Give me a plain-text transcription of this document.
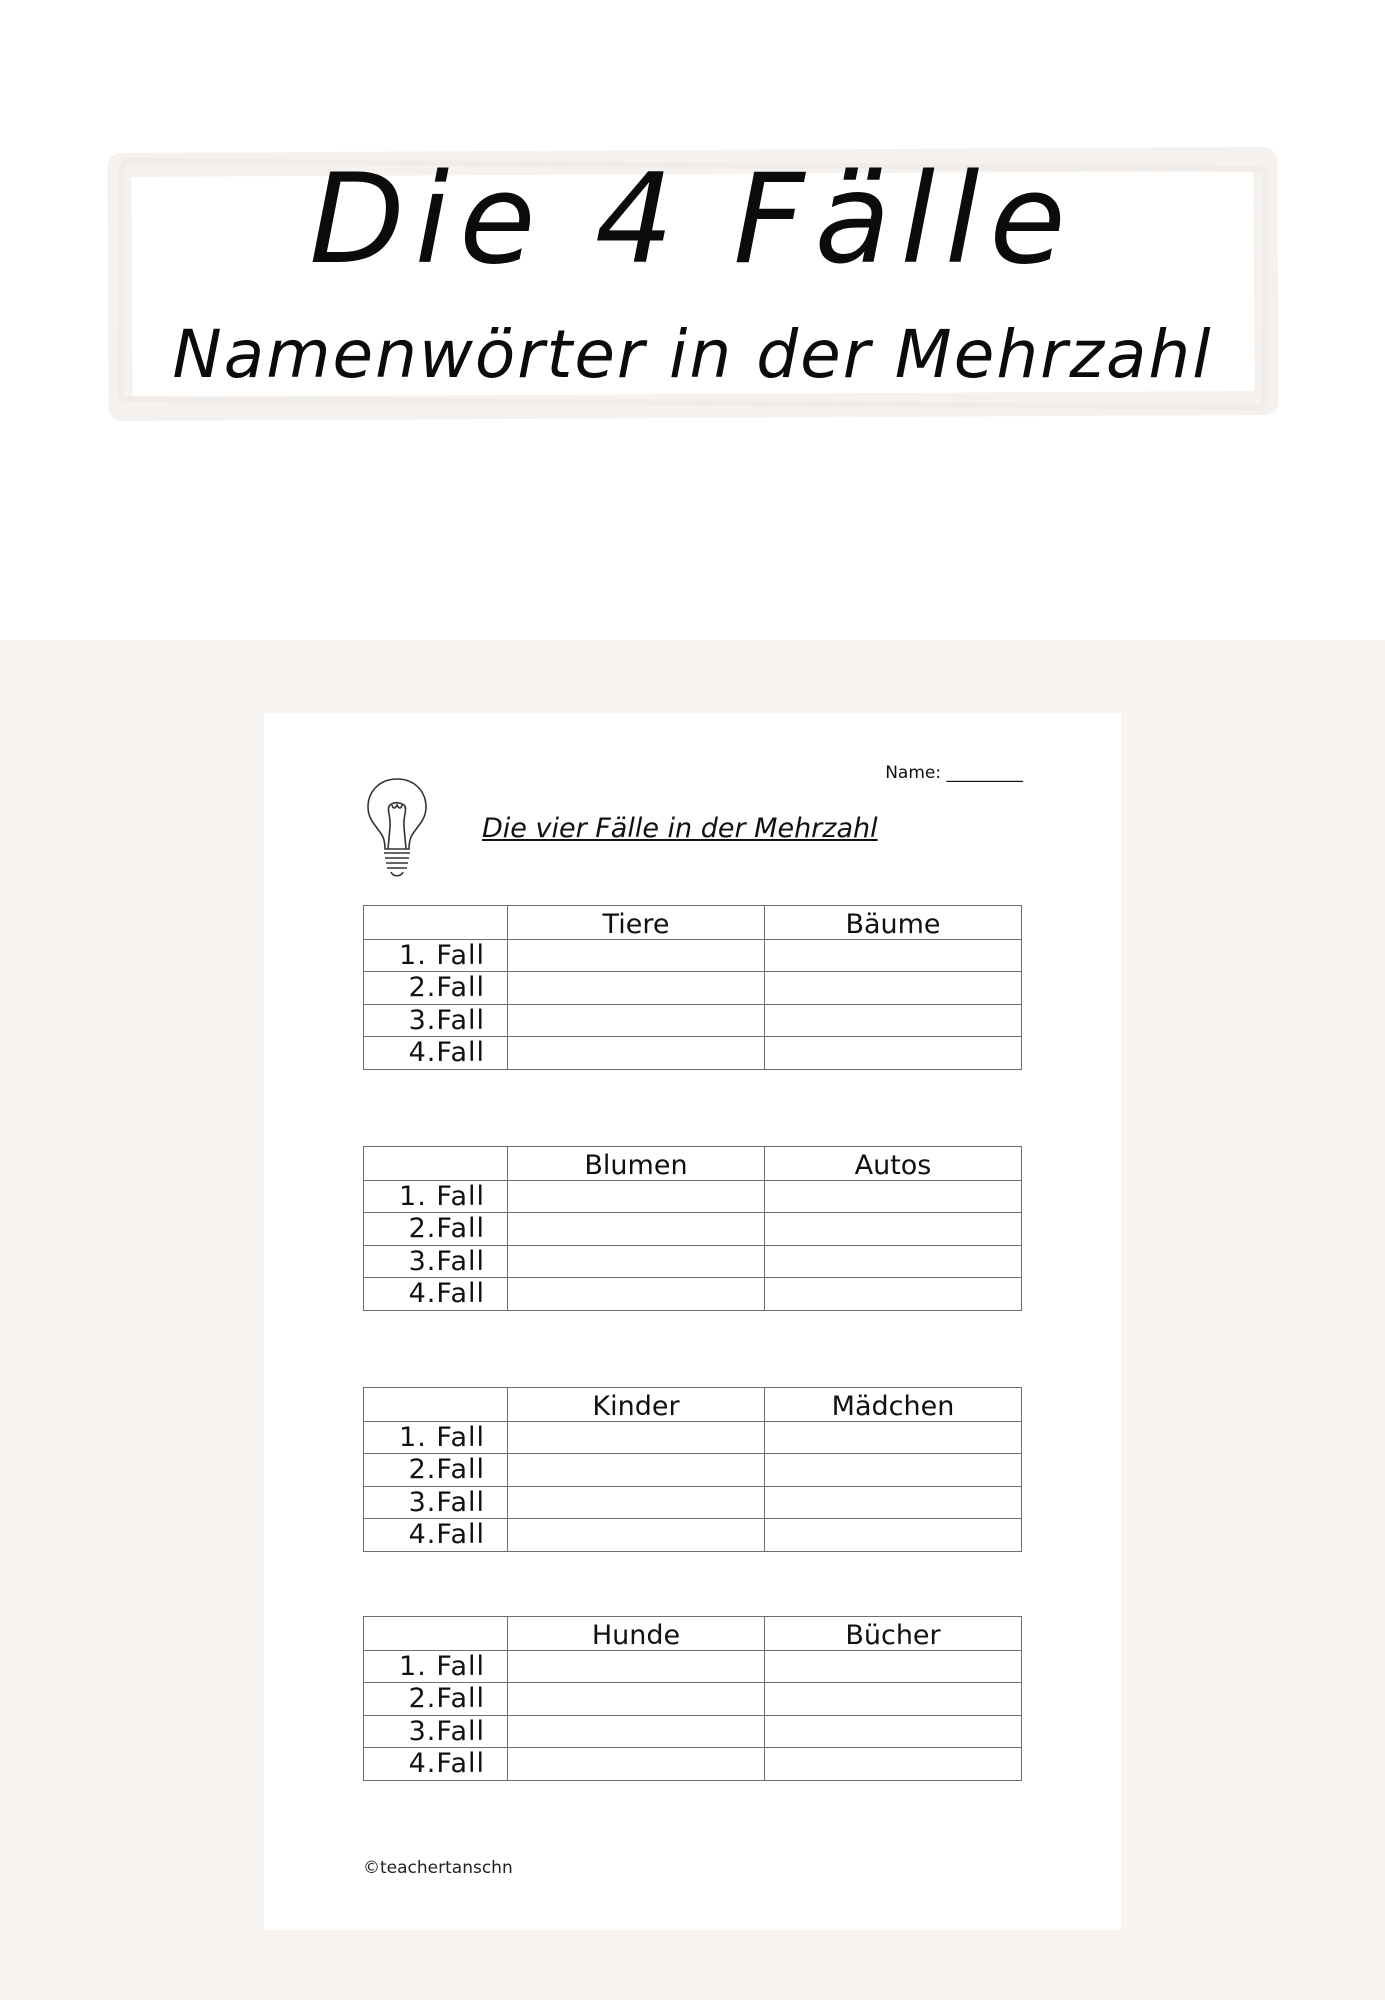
Die 4 Fälle
Namenwörter in der Mehrzahl
Name: _________
Die vier Fälle in der Mehrzahl
	Tiere	Bäume
1. Fall		
2.Fall		
3.Fall		
4.Fall		
	Blumen	Autos
1. Fall		
2.Fall		
3.Fall		
4.Fall		
	Kinder	Mädchen
1. Fall		
2.Fall		
3.Fall		
4.Fall		
	Hunde	Bücher
1. Fall		
2.Fall		
3.Fall		
4.Fall		
©teachertanschn
